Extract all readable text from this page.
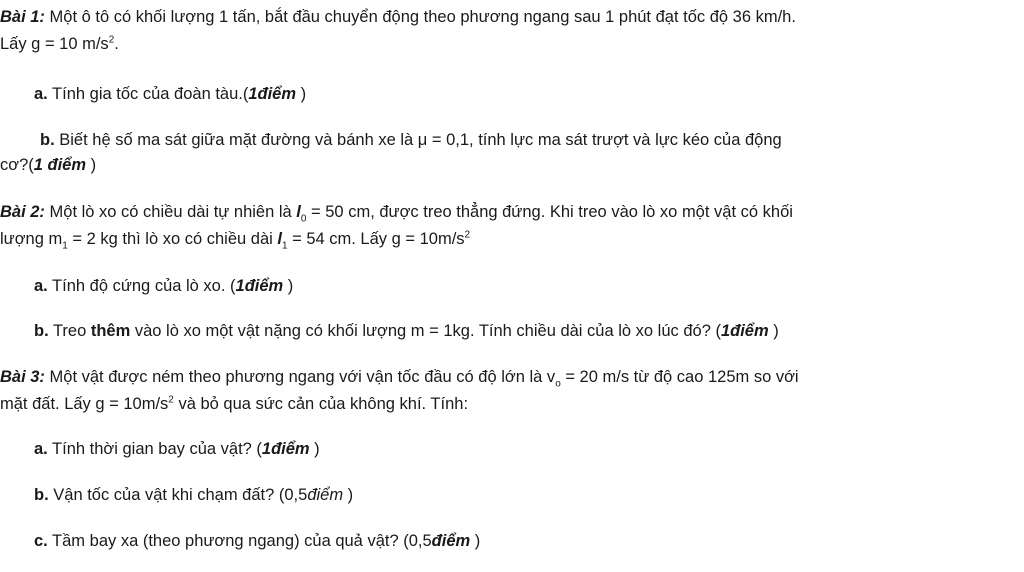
Bài 1: Một ô tô có khối lượng 1 tấn, bắt đầu chuyển động theo phương ngang sau 1 phút đạt tốc độ 36 km/h.
Lấy g = 10 $m/s^2$.
a. Tính gia tốc của đoàn tàu.(1điểm )
b. Biết hệ số ma sát giữa mặt đường và bánh xe là μ = 0,1, tính lực ma sát trượt và lực kéo của động
cơ?(1 điểm )
Bài 2: Một lò xo có chiều dài tự nhiên là $l_0 = 50$ cm, được treo thẳng đứng. Khi treo vào lò xo một vật có khối
lượng $m_1 = 2$ kg thì lò xo có chiều dài $l_1 = 54$ cm. Lấy $g = 10m/s^2$
a. Tính độ cứng của lò xo. (1điểm )
b. Treo thêm vào lò xo một vật nặng có khối lượng m = 1kg. Tính chiều dài của lò xo lúc đó? (1điểm )
Bài 3: Một vật được ném theo phương ngang với vận tốc đầu có độ lớn là $v_o = 20$ m/s từ độ cao 125m so với
mặt đất. Lấy $g = 10m/s^2$ và bỏ qua sức cản của không khí. Tính:
a. Tính thời gian bay của vật? (1điểm )
b. Vận tốc của vật khi chạm đất? (0,5điểm )
c. Tầm bay xa (theo phương ngang) của quả vật? (0,5điểm )
